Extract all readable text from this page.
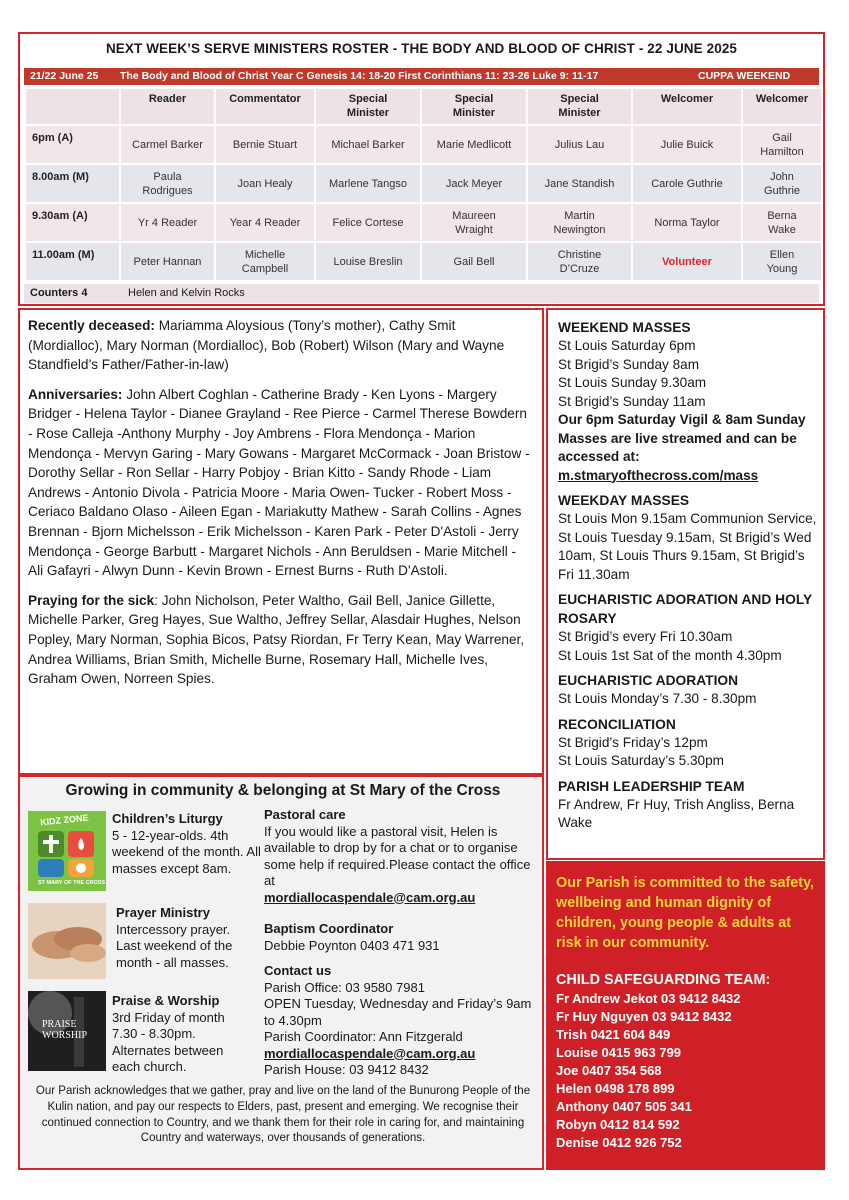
NEXT WEEK’S SERVE MINISTERS ROSTER - THE BODY AND BLOOD OF CHRIST - 22 JUNE 2025
21/22 June 25 The Body and Blood of Christ Year C Genesis 14: 18-20 First Corinthians 11: 23-26 Luke 9: 11-17	CUPPA WEEKEND
	Reader	Commentator	Special Minister	Special Minister	Special Minister	Welcomer	Welcomer
6pm (A)	Carmel Barker	Bernie Stuart	Michael Barker	Marie Medlicott	Julius Lau	Julie Buick	Gail Hamilton
8.00am (M)	Paula Rodrigues	Joan Healy	Marlene Tangso	Jack Meyer	Jane Standish	Carole Guthrie	John Guthrie
9.30am (A)	Yr 4 Reader	Year 4 Reader	Felice Cortese	Maureen Wraight	Martin Newington	Norma Taylor	Berna Wake
11.00am (M)	Peter Hannan	Michelle Campbell	Louise Breslin	Gail Bell	Christine D’Cruze	Volunteer	Ellen Young
Counters 4	Helen and Kelvin Rocks

Recently deceased: Mariamma Aloysious (Tony’s mother), Cathy Smit (Mordialloc), Mary Norman (Mordialloc), Bob (Robert) Wilson (Mary and Wayne Standfield’s Father/Father-in-law)

Anniversaries: John Albert Coghlan - Catherine Brady - Ken Lyons - Margery Bridger - Helena Taylor - Dianee Grayland - Ree Pierce - Carmel Therese Bowdern - Rose Calleja -Anthony Murphy - Joy Ambrens - Flora Mendonça - Marion Mendonça - Mervyn Garing - Mary Gowans - Margaret McCormack - Joan Bristow - Dorothy Sellar - Ron Sellar - Harry Pobjoy - Brian Kitto - Sandy Rhode - Liam Andrews - Antonio Divola - Patricia Moore - Maria Owen- Tucker - Robert Moss - Ceriaco Baldano Olaso - Aileen Egan - Mariakutty Mathew - Sarah Collins - Agnes Brennan - Bjorn Michelsson - Erik Michelsson - Karen Park - Peter D'Astoli - Jerry Mendonça - George Barbutt - Margaret Nichols - Ann Beruldsen - Marie Mitchell - Ali Gafayri - Alwyn Dunn - Kevin Brown - Ernest Burns - Ruth D'Astoli.

Praying for the sick: John Nicholson, Peter Waltho, Gail Bell, Janice Gillette, Michelle Parker, Greg Hayes, Sue Waltho, Jeffrey Sellar, Alasdair Hughes, Nelson Popley, Mary Norman, Sophia Bicos, Patsy Riordan, Fr Terry Kean, May Warrener, Andrea Williams, Brian Smith, Michelle Burne, Rosemary Hall, Michelle Ives, Graham Owen, Norreen Spies.

Growing in community & belonging at St Mary of the Cross
KIDZ ZONE
ST MARY OF THE CROSS
Children’s Liturgy
5 - 12-year-olds. 4th weekend of the month. All masses except 8am.
Prayer Ministry
Intercessory prayer. Last weekend of the month - all masses.
PRAISE WORSHIP
Praise & Worship
3rd Friday of month 7.30 - 8.30pm. Alternates between each church.
Pastoral care
If you would like a pastoral visit, Helen is available to drop by for a chat or to organise some help if required.Please contact the office at
mordiallocaspendale@cam.org.au
Baptism Coordinator
Debbie Poynton 0403 471 931
Contact us
Parish Office: 03 9580 7981
OPEN Tuesday, Wednesday and Friday’s 9am to 4.30pm
Parish Coordinator: Ann Fitzgerald
mordiallocaspendale@cam.org.au
Parish House: 03 9412 8432
Our Parish acknowledges that we gather, pray and live on the land of the Bunurong People of the Kulin nation, and pay our respects to Elders, past, present and emerging. We recognise their continued connection to Country, and we thank them for their role in caring for, and maintaining Country and waterways, over thousands of generations.
WEEKEND MASSES
St Louis Saturday 6pm
St Brigid’s Sunday 8am
St Louis Sunday 9.30am
St Brigid’s Sunday 11am
Our 6pm Saturday Vigil & 8am Sunday Masses are live streamed and can be accessed at:
m.stmaryofthecross.com/mass
WEEKDAY MASSES
St Louis Mon 9.15am Communion Service, St Louis Tuesday 9.15am, St Brigid’s Wed 10am, St Louis Thurs 9.15am, St Brigid’s Fri 11.30am
EUCHARISTIC ADORATION AND HOLY ROSARY
St Brigid’s every Fri 10.30am
St Louis 1st Sat of the month 4.30pm
EUCHARISTIC ADORATION
St Louis Monday’s 7.30 - 8.30pm
RECONCILIATION
St Brigid’s Friday’s 12pm
St Louis Saturday’s 5.30pm
PARISH LEADERSHIP TEAM
Fr Andrew, Fr Huy, Trish Angliss, Berna Wake
Our Parish is committed to the safety, wellbeing and human dignity of children, young people & adults at risk in our community.
CHILD SAFEGUARDING TEAM:
Fr Andrew Jekot 03 9412 8432
Fr Huy Nguyen 03 9412 8432
Trish 0421 604 849
Louise 0415 963 799
Joe 0407 354 568
Helen 0498 178 899
Anthony 0407 505 341
Robyn 0412 814 592
Denise 0412 926 752
